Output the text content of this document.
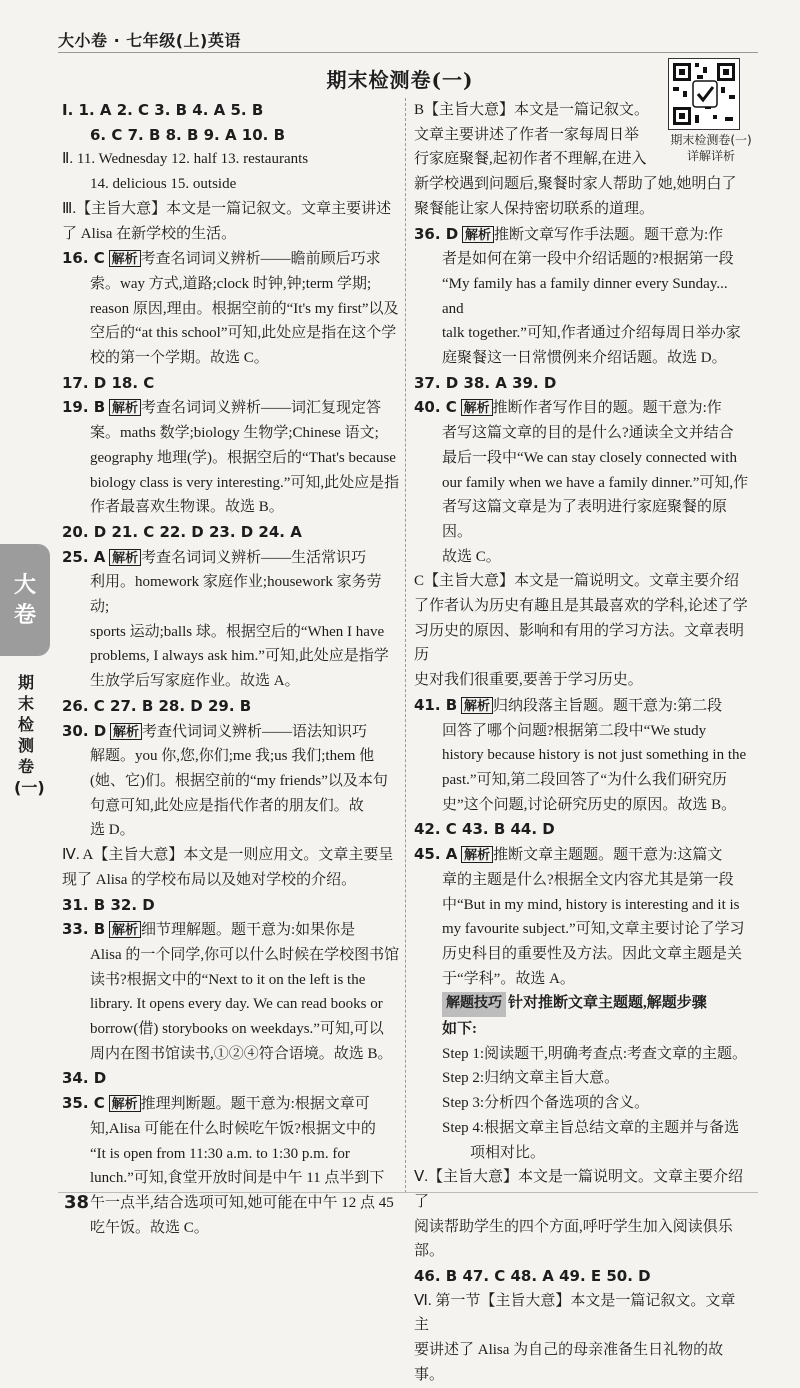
大小卷 · 七年级(上)英语
期末检测卷(一)
期末检测卷(一)
详解详析
大
卷
期末检测卷(一)

Ⅰ. 1. A 2. C 3. B 4. A 5. B

6. C 7. B 8. B 9. A 10. B

Ⅱ. 11. Wednesday 12. half 13. restaurants

14. delicious 15. outside

Ⅲ.【主旨大意】本文是一篇记叙文。文章主要讲述

了 Alisa 在新学校的生活。

16. C 解析 考查名词词义辨析——瞻前顾后巧求

索。way 方式,道路;clock 时钟,钟;term 学期;

reason 原因,理由。根据空前的“It's my first”以及

空后的“at this school”可知,此处应是指在这个学

校的第一个学期。故选 C。

17. D 18. C

19. B 解析 考查名词词义辨析——词汇复现定答

案。maths 数学;biology 生物学;Chinese 语文;

geography 地理(学)。根据空后的“That's because

biology class is very interesting.”可知,此处应是指

作者最喜欢生物课。故选 B。

20. D 21. C 22. D 23. D 24. A

25. A 解析 考查名词词义辨析——生活常识巧

利用。homework 家庭作业;housework 家务劳动;

sports 运动;balls 球。根据空后的“When I have

problems, I always ask him.”可知,此处应是指学

生放学后写家庭作业。故选 A。

26. C 27. B 28. D 29. B

30. D 解析 考查代词词义辨析——语法知识巧

解题。you 你,您,你们;me 我;us 我们;them 他

(她、它)们。根据空前的“my friends”以及本句

句意可知,此处应是指代作者的朋友们。故

选 D。

Ⅳ. A【主旨大意】本文是一则应用文。文章主要呈

现了 Alisa 的学校布局以及她对学校的介绍。

31. B 32. D

33. B 解析 细节理解题。题干意为:如果你是

Alisa 的一个同学,你可以什么时候在学校图书馆

读书?根据文中的“Next to it on the left is the

library. It opens every day. We can read books or

borrow(借) storybooks on weekdays.”可知,可以

周内在图书馆读书,①②④符合语境。故选 B。

34. D

35. C 解析 推理判断题。题干意为:根据文章可

知,Alisa 可能在什么时候吃午饭?根据文中的

“It is open from 11:30 a.m. to 1:30 p.m. for

lunch.”可知,食堂开放时间是中午 11 点半到下

午一点半,结合选项可知,她可能在中午 12 点 45

吃午饭。故选 C。

B【主旨大意】本文是一篇记叙文。

文章主要讲述了作者一家每周日举

行家庭聚餐,起初作者不理解,在进入

新学校遇到问题后,聚餐时家人帮助了她,她明白了

聚餐能让家人保持密切联系的道理。

36. D 解析 推断文章写作手法题。题干意为:作

者是如何在第一段中介绍话题的?根据第一段

“My family has a family dinner every Sunday... and

talk together.”可知,作者通过介绍每周日举办家

庭聚餐这一日常惯例来介绍话题。故选 D。

37. D 38. A 39. D

40. C 解析 推断作者写作目的题。题干意为:作

者写这篇文章的目的是什么?通读全文并结合

最后一段中“We can stay closely connected with

our family when we have a family dinner.”可知,作

者写这篇文章是为了表明进行家庭聚餐的原因。

故选 C。

C【主旨大意】本文是一篇说明文。文章主要介绍

了作者认为历史有趣且是其最喜欢的学科,论述了学

习历史的原因、影响和有用的学习方法。文章表明历

史对我们很重要,要善于学习历史。

41. B 解析 归纳段落主旨题。题干意为:第二段

回答了哪个问题?根据第二段中“We study

history because history is not just something in the

past.”可知,第二段回答了“为什么我们研究历

史”这个问题,讨论研究历史的原因。故选 B。

42. C 43. B 44. D

45. A 解析 推断文章主题题。题干意为:这篇文

章的主题是什么?根据全文内容尤其是第一段

中“But in my mind, history is interesting and it is

my favourite subject.”可知,文章主要讨论了学习

历史科目的重要性及方法。因此文章主题是关

于“学科”。故选 A。

解题技巧 针对推断文章主题题,解题步骤

如下:

Step 1:阅读题干,明确考查点:考查文章的主题。

Step 2:归纳文章主旨大意。

Step 3:分析四个备选项的含义。

Step 4:根据文章主旨总结文章的主题并与备选

项相对比。

Ⅴ.【主旨大意】本文是一篇说明文。文章主要介绍了

阅读帮助学生的四个方面,呼吁学生加入阅读俱乐部。

46. B 47. C 48. A 49. E 50. D

Ⅵ. 第一节【主旨大意】本文是一篇记叙文。文章主

要讲述了 Alisa 为自己的母亲准备生日礼物的故事。

38
